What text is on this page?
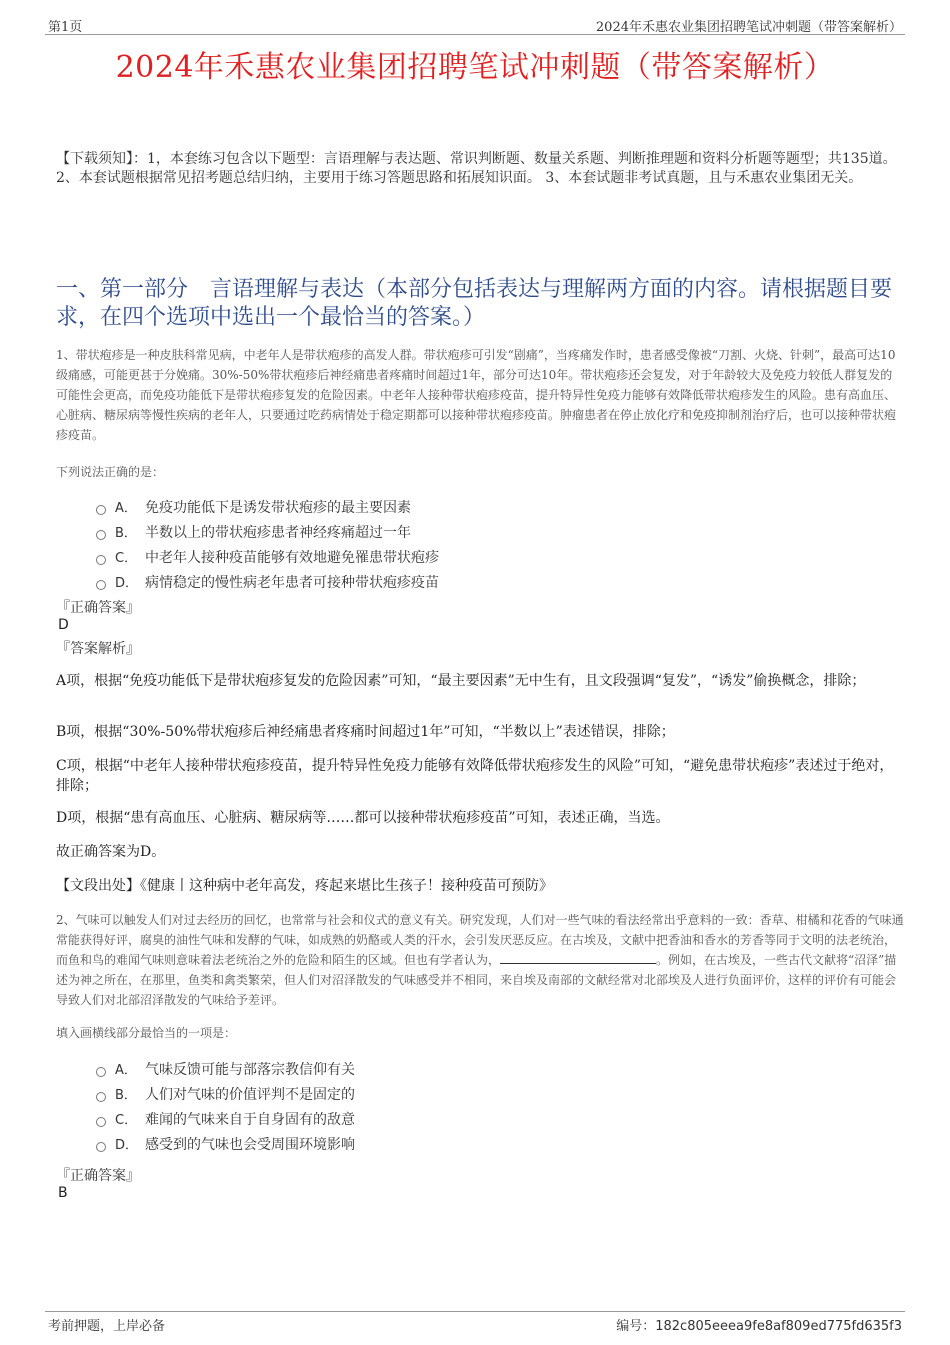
第1页	2024年禾惠农业集团招聘笔试冲刺题（带答案解析）
2024年禾惠农业集团招聘笔试冲刺题（带答案解析）
【下载须知】：1，本套练习包含以下题型：言语理解与表达题、常识判断题、数量关系题、判断推理题和资料分析题等题型；共135道。 2、本套试题根据常见招考题总结归纳，主要用于练习答题思路和拓展知识面。 3、本套试题非考试真题，且与禾惠农业集团无关。
一、第一部分　言语理解与表达（本部分包括表达与理解两方面的内容。请根据题目要求，在四个选项中选出一个最恰当的答案。）
1、带状疱疹是一种皮肤科常见病，中老年人是带状疱疹的高发人群。带状疱疹可引发“剧痛”，当疼痛发作时，患者感受像被“刀割、火烧、针刺”，最高可达10级痛感，可能更甚于分娩痛。30%-50%带状疱疹后神经痛患者疼痛时间超过1年，部分可达10年。带状疱疹还会复发，对于年龄较大及免疫力较低人群复发的可能性会更高，而免疫功能低下是带状疱疹复发的危险因素。中老年人接种带状疱疹疫苗，提升特异性免疫力能够有效降低带状疱疹发生的风险。患有高血压、心脏病、糖尿病等慢性疾病的老年人，只要通过吃药病情处于稳定期都可以接种带状疱疹疫苗。肿瘤患者在停止放化疗和免疫抑制剂治疗后，也可以接种带状疱疹疫苗。
下列说法正确的是：
A． 免疫功能低下是诱发带状疱疹的最主要因素
B． 半数以上的带状疱疹患者神经疼痛超过一年
C． 中老年人接种疫苗能够有效地避免罹患带状疱疹
D． 病情稳定的慢性病老年患者可接种带状疱疹疫苗
『正确答案』
D
『答案解析』
A项，根据“免疫功能低下是带状疱疹复发的危险因素”可知，“最主要因素”无中生有，且文段强调“复发”，“诱发”偷换概念，排除；
B项，根据“30%-50%带状疱疹后神经痛患者疼痛时间超过1年”可知，“半数以上”表述错误，排除；
C项，根据“中老年人接种带状疱疹疫苗，提升特异性免疫力能够有效降低带状疱疹发生的风险”可知，“避免患带状疱疹”表述过于绝对，排除；
D项，根据“患有高血压、心脏病、糖尿病等……都可以接种带状疱疹疫苗”可知，表述正确，当选。
故正确答案为D。
【文段出处】《健康丨这种病中老年高发，疼起来堪比生孩子！接种疫苗可预防》
2、气味可以触发人们对过去经历的回忆，也常常与社会和仪式的意义有关。研究发现，人们对一些气味的看法经常出乎意料的一致：香草、柑橘和花香的气味通常能获得好评，腐臭的油性气味和发酵的气味，如成熟的奶酪或人类的汗水，会引发厌恶反应。在古埃及，文献中把香油和香水的芳香等同于文明的法老统治，而鱼和鸟的难闻气味则意味着法老统治之外的危险和陌生的区域。但也有学者认为，	。例如，在古埃及，一些古代文献将“沼泽”描述为神之所在，在那里，鱼类和禽类繁荣，但人们对沼泽散发的气味感受并不相同，来自埃及南部的文献经常对北部埃及人进行负面评价，这样的评价有可能会导致人们对北部沼泽散发的气味给予差评。
填入画横线部分最恰当的一项是：
A． 气味反馈可能与部落宗教信仰有关
B． 人们对气味的价值评判不是固定的
C． 难闻的气味来自于自身固有的敌意
D． 感受到的气味也会受周围环境影响
『正确答案』
B
考前押题，上岸必备	编号：182c805eeea9fe8af809ed775fd635f3
